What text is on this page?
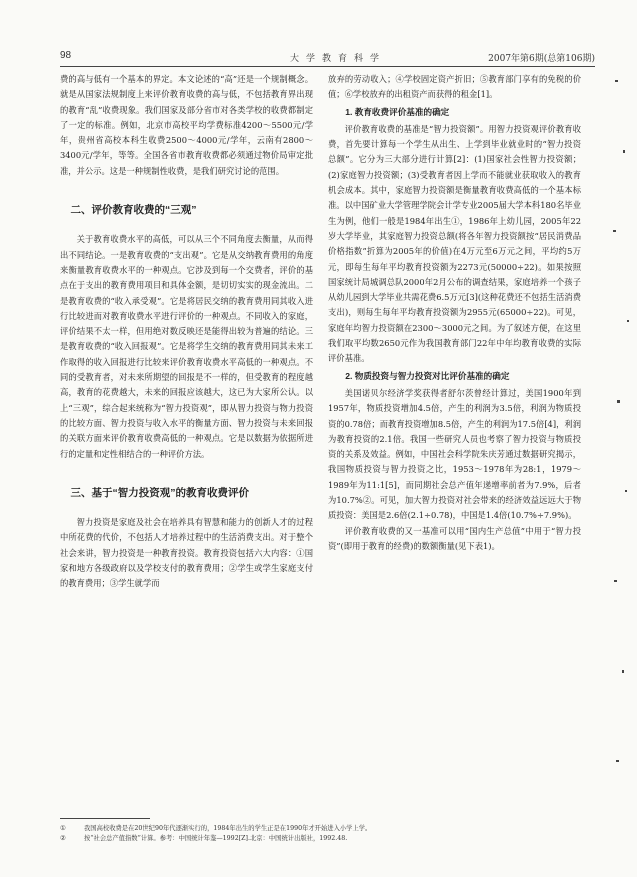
98	大学教育科学	2007年第6期(总第106期)

费的高与低有一个基本的界定。本文论述的“高”还是一个规制概念。就是从国家法规制度上来评价教育收费的高与低，不包括教育界出现的教育“乱”收费现象。我们国家及部分省市对各类学校的收费都制定了一定的标准。例如，北京市高校平均学费标准4200～5500元/学年，贵州省高校本科生收费2500～4000元/学年，云南有2800～3400元/学年，等等。全国各省市教育收费都必须通过物价局审定批准，并公示。这是一种规制性收费，是我们研究讨论的范围。

二、评价教育收费的“三观”

关于教育收费水平的高低，可以从三个不同角度去衡量，从而得出不同结论。一是教育收费的“支出观”。它是从交纳教育费用的角度来衡量教育收费水平的一种观点。它涉及到每一个交费者，评价的基点在于支出的教育费用项目和具体金额，是切切实实的现金流出。二是教育收费的“收入承受观”。它是将居民交纳的教育费用同其收入进行比较进而对教育收费水平进行评价的一种观点。不同收入的家庭，评价结果不太一样，但用绝对数反映还是能得出较为普遍的结论。三是教育收费的“收入回报观”。它是将学生交纳的教育费用同其未来工作取得的收入回报进行比较来评价教育收费水平高低的一种观点。不同的受教育者，对未来所期望的回报是不一样的，但受教育的程度越高，教育的花费越大，未来的回报应该越大，这已为大家所公认。以上“三观”，综合起来统称为“智力投资观”，即从智力投资与物力投资的比较方面、智力投资与收入水平的衡量方面、智力投资与未来回报的关联方面来评价教育收费高低的一种观点。它是以数据为依据所进行的定量和定性相结合的一种评价方法。

三、基于“智力投资观”的教育收费评价

智力投资是家庭及社会在培养具有智慧和能力的创新人才的过程中所花费的代价，不包括人才培养过程中的生活消费支出。对于整个社会来讲，智力投资是一种教育投资。教育投资包括六大内容：①国家和地方各级政府以及学校支付的教育费用；②学生或学生家庭支付的教育费用；③学生就学而

放弃的劳动收入；④学校固定资产折旧；⑤教育部门享有的免税的价值；⑥学校放弃的出租资产而获得的租金[1]。

1. 教育收费评价基准的确定

评价教育收费的基准是“智力投资额”。用智力投资观评价教育收费，首先要计算每一个学生从出生、上学到毕业就业时的“智力投资总额”。它分为三大部分进行计算[2]：(1)国家社会性智力投资额；(2)家庭智力投资额；(3)受教育者因上学而不能就业获取收入的教育机会成本。其中，家庭智力投资额是衡量教育收费高低的一个基本标准。以中国矿业大学管理学院会计学专业2005届大学本科180名毕业生为例，他们一般是1984年出生①，1986年上幼儿园，2005年22岁大学毕业，其家庭智力投资总额(将各年智力投资额按“居民消费品价格指数”折算为2005年的价值)在4万元至6万元之间，平均约5万元，即每生每年平均教育投资额为2273元(50000÷22)。如果按照国家统计局城调总队2000年2月公布的调查结果，家庭培养一个孩子从幼儿园到大学毕业共需花费6.5万元[3](这种花费还不包括生活消费支出)，则每生每年平均教育投资额为2955元(65000÷22)。可见，家庭年均智力投资额在2300～3000元之间。为了叙述方便，在这里我们取平均数2650元作为我国教育部门22年中年均教育收费的实际评价基准。

2. 物质投资与智力投资对比评价基准的确定

美国诺贝尔经济学奖获得者舒尔茨曾经计算过，美国1900年到1957年，物质投资增加4.5倍，产生的利润为3.5倍，利润为物质投资的0.78倍；而教育投资增加8.5倍，产生的利润为17.5倍[4]，利润为教育投资的2.1倍。我国一些研究人员也考察了智力投资与物质投资的关系及效益。例如，中国社会科学院朱庆芳通过数据研究揭示，我国物质投资与智力投资之比，1953～1978年为28:1，1979～1989年为11:1[5]，而同期社会总产值年递增率前者为7.9%，后者为10.7%②。可见，加大智力投资对社会带来的经济效益远远大于物质投资：美国是2.6倍(2.1÷0.78)，中国是1.4倍(10.7%÷7.9%)。

评价教育收费的又一基准可以用“国内生产总值”中用于“智力投资”(即用于教育的经费)的数额衡量(见下表1)。

①	我国高校收费是在20世纪90年代逐渐实行的，1984年出生的学生正是在1990年才开始进入小学上学。
②	按“社会总产值指数”计算。参考：中国统计年鉴—1992[Z].北京：中国统计出版社，1992.48.
